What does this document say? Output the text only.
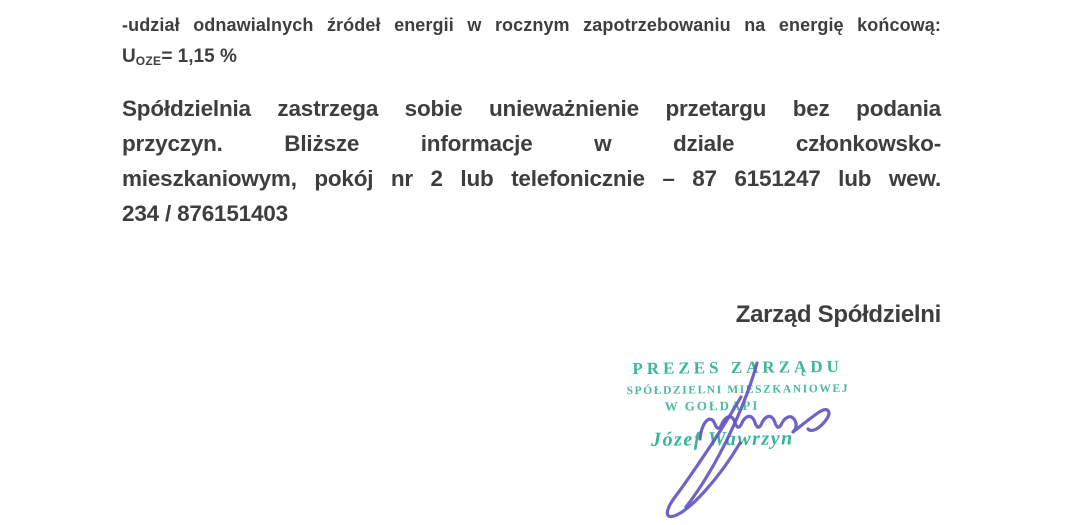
-udział odnawialnych źródeł energii w rocznym zapotrzebowaniu na energię końcową:
$U_{OZE}= 1,15$ %
Spółdzielnia zastrzega sobie unieważnienie przetargu bez podania
przyczyn. Bliższe informacje w dziale członkowsko-
mieszkaniowym, pokój nr 2 lub telefonicznie – 87 6151247 lub wew.
234 / 876151403
Zarząd Spółdzielni
PREZES ZARZĄDU
SPÓŁDZIELNI MIESZKANIOWEJ
W GOŁDAPI
Józef Wawrzyn
